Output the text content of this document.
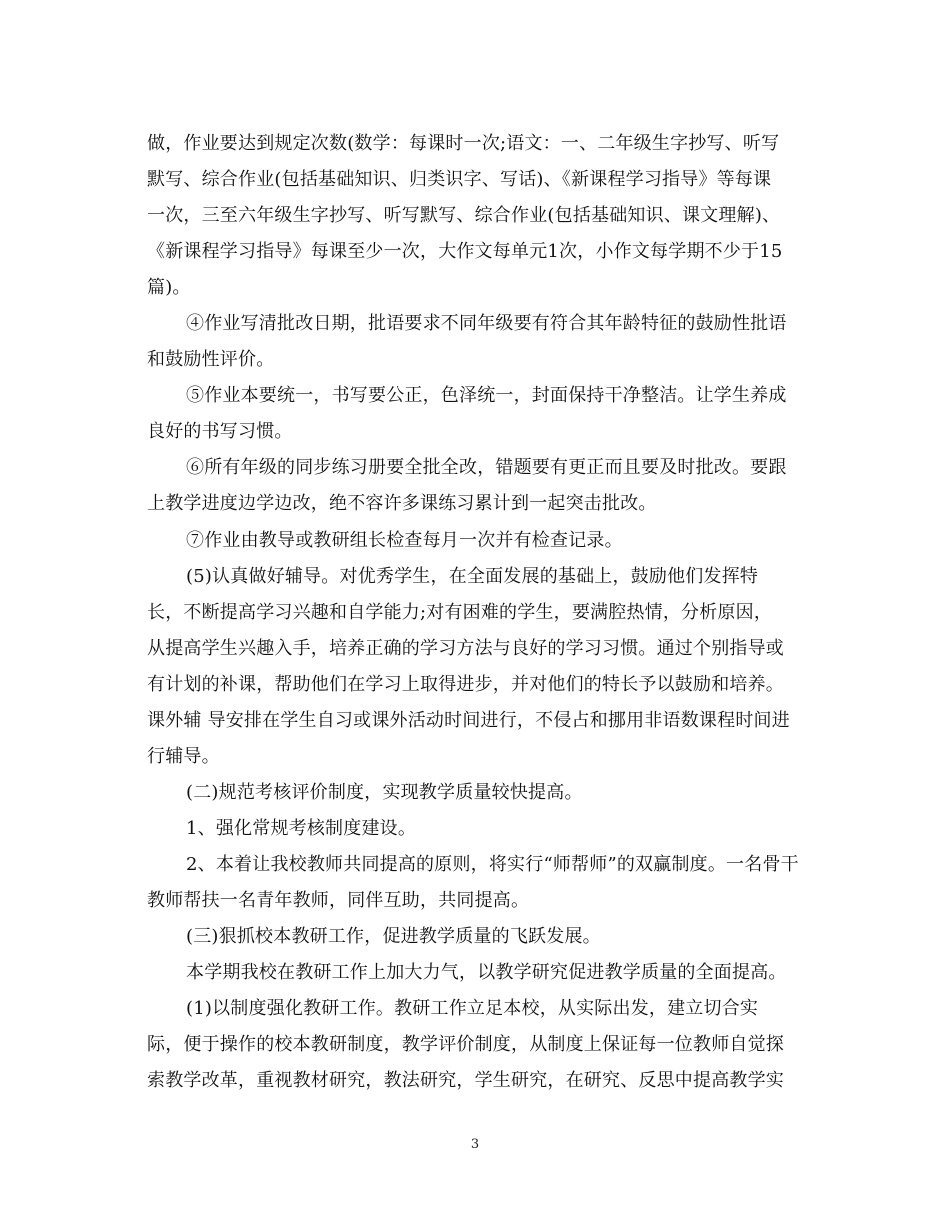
做，作业要达到规定次数(数学：每课时一次;语文：一、二年级生字抄写、听写
默写、综合作业(包括基础知识、归类识字、写话)、《新课程学习指导》等每课
一次，三至六年级生字抄写、听写默写、综合作业(包括基础知识、课文理解)、
《新课程学习指导》每课至少一次，大作文每单元1次，小作文每学期不少于15
篇)。
④作业写清批改日期，批语要求不同年级要有符合其年龄特征的鼓励性批语
和鼓励性评价。
⑤作业本要统一，书写要公正，色泽统一，封面保持干净整洁。让学生养成
良好的书写习惯。
⑥所有年级的同步练习册要全批全改，错题要有更正而且要及时批改。要跟
上教学进度边学边改，绝不容许多课练习累计到一起突击批改。
⑦作业由教导或教研组长检查每月一次并有检查记录。
(5)认真做好辅导。对优秀学生，在全面发展的基础上，鼓励他们发挥特
长，不断提高学习兴趣和自学能力;对有困难的学生，要满腔热情，分析原因，
从提高学生兴趣入手，培养正确的学习方法与良好的学习习惯。通过个别指导或
有计划的补课，帮助他们在学习上取得进步，并对他们的特长予以鼓励和培养。
课外辅 导安排在学生自习或课外活动时间进行，不侵占和挪用非语数课程时间进
行辅导。
(二)规范考核评价制度，实现教学质量较快提高。
1、强化常规考核制度建设。
2、本着让我校教师共同提高的原则，将实行“师帮师”的双赢制度。一名骨干
教师帮扶一名青年教师，同伴互助，共同提高。
(三)狠抓校本教研工作，促进教学质量的飞跃发展。
本学期我校在教研工作上加大力气，以教学研究促进教学质量的全面提高。
(1)以制度强化教研工作。教研工作立足本校，从实际出发，建立切合实
际，便于操作的校本教研制度，教学评价制度，从制度上保证每一位教师自觉探
索教学改革，重视教材研究，教法研究，学生研究，在研究、反思中提高教学实
3
